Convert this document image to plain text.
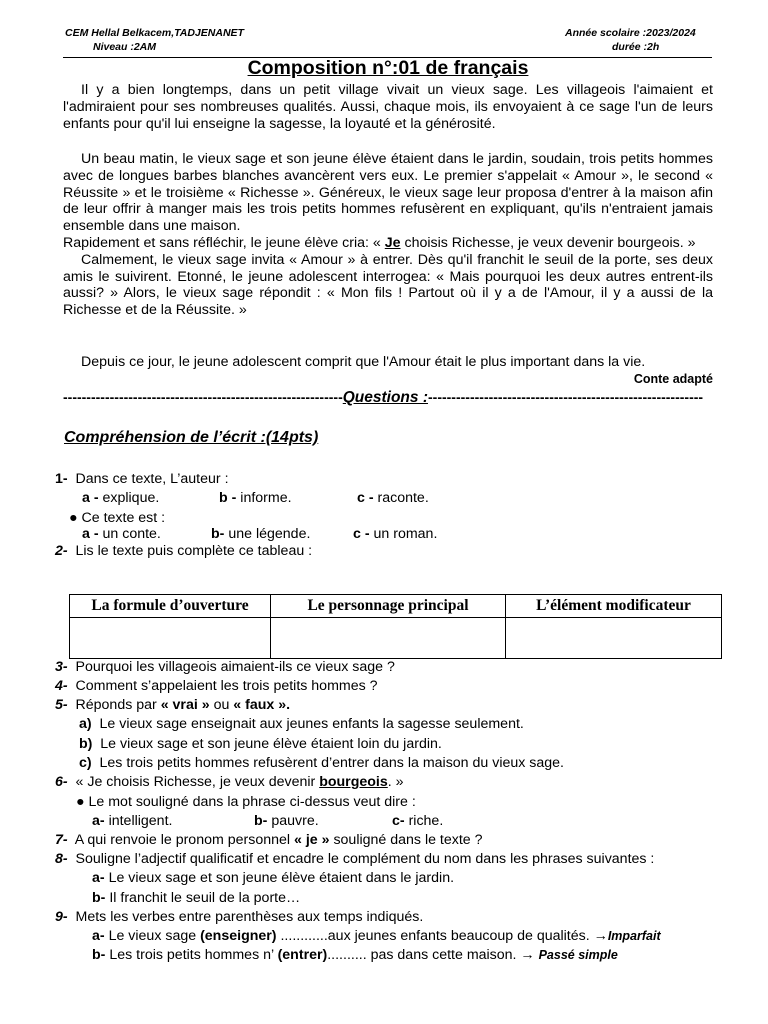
CEM Hellal Belkacem,TADJENANET
Niveau :2AM
Année scolaire :2023/2024
durée :2h
Composition n°:01 de français

Il y a bien longtemps, dans un petit village vivait un vieux sage. Les villageois l'aimaient et l'admiraient pour ses nombreuses qualités. Aussi, chaque mois, ils envoyaient à ce sage l'un de leurs enfants pour qu'il lui enseigne la sagesse, la loyauté et la générosité.

Un beau matin, le vieux sage et son jeune élève étaient dans le jardin, soudain, trois petits hommes avec de longues barbes blanches avancèrent vers eux. Le premier s'appelait « Amour », le second « Réussite » et le troisième « Richesse ». Généreux, le vieux sage leur proposa d'entrer à la maison afin de leur offrir à manger mais les trois petits hommes refusèrent en expliquant, qu'ils n'entraient jamais ensemble dans une maison.

Rapidement et sans réfléchir, le jeune élève cria: « Je choisis Richesse, je veux devenir bourgeois. »

Calmement, le vieux sage invita « Amour » à entrer. Dès qu'il franchit le seuil de la porte, ses deux amis le suivirent. Etonné, le jeune adolescent interrogea: « Mais pourquoi les deux autres entrent-ils aussi? » Alors, le vieux sage répondit : « Mon fils ! Partout où il y a de l'Amour, il y a aussi de la Richesse et de la Réussite. »

Depuis ce jour, le jeune adolescent comprit que l'Amour était le plus important dans la vie.
Conte adapté
------------------------------------------------------------Questions :-----------------------------------------------------------
Compréhension de l’écrit :(14pts)
1- Dans ce texte, L’auteur :
a - explique.	b - informe.	c - raconte.
● Ce texte est :
a - un conte.	b- une légende.	c - un roman.
2- Lis le texte puis complète ce tableau :
La formule d’ouverture	Le personnage principal	L’élément modificateur

3- Pourquoi les villageois aimaient-ils ce vieux sage ?
4- Comment s’appelaient les trois petits hommes ?
5- Réponds par « vrai » ou « faux ».
a) Le vieux sage enseignait aux jeunes enfants la sagesse seulement.
b) Le vieux sage et son jeune élève étaient loin du jardin.
c) Les trois petits hommes refusèrent d’entrer dans la maison du vieux sage.
6- « Je choisis Richesse, je veux devenir bourgeois. »
● Le mot souligné dans la phrase ci-dessus veut dire :
a- intelligent.	b- pauvre.	c- riche.
7-  A qui renvoie le pronom personnel « je » souligné dans le texte ?
8- Souligne l’adjectif qualificatif et encadre le complément du nom dans les phrases suivantes :
a- Le vieux sage et son jeune élève étaient dans le jardin.
b- Il franchit le seuil de la porte…
9- Mets les verbes entre parenthèses aux temps indiqués.
a- Le vieux sage (enseigner) ............aux jeunes enfants beaucoup de qualités. →Imparfait
b- Les trois petits hommes n’ (entrer).......... pas dans cette maison. → Passé simple
